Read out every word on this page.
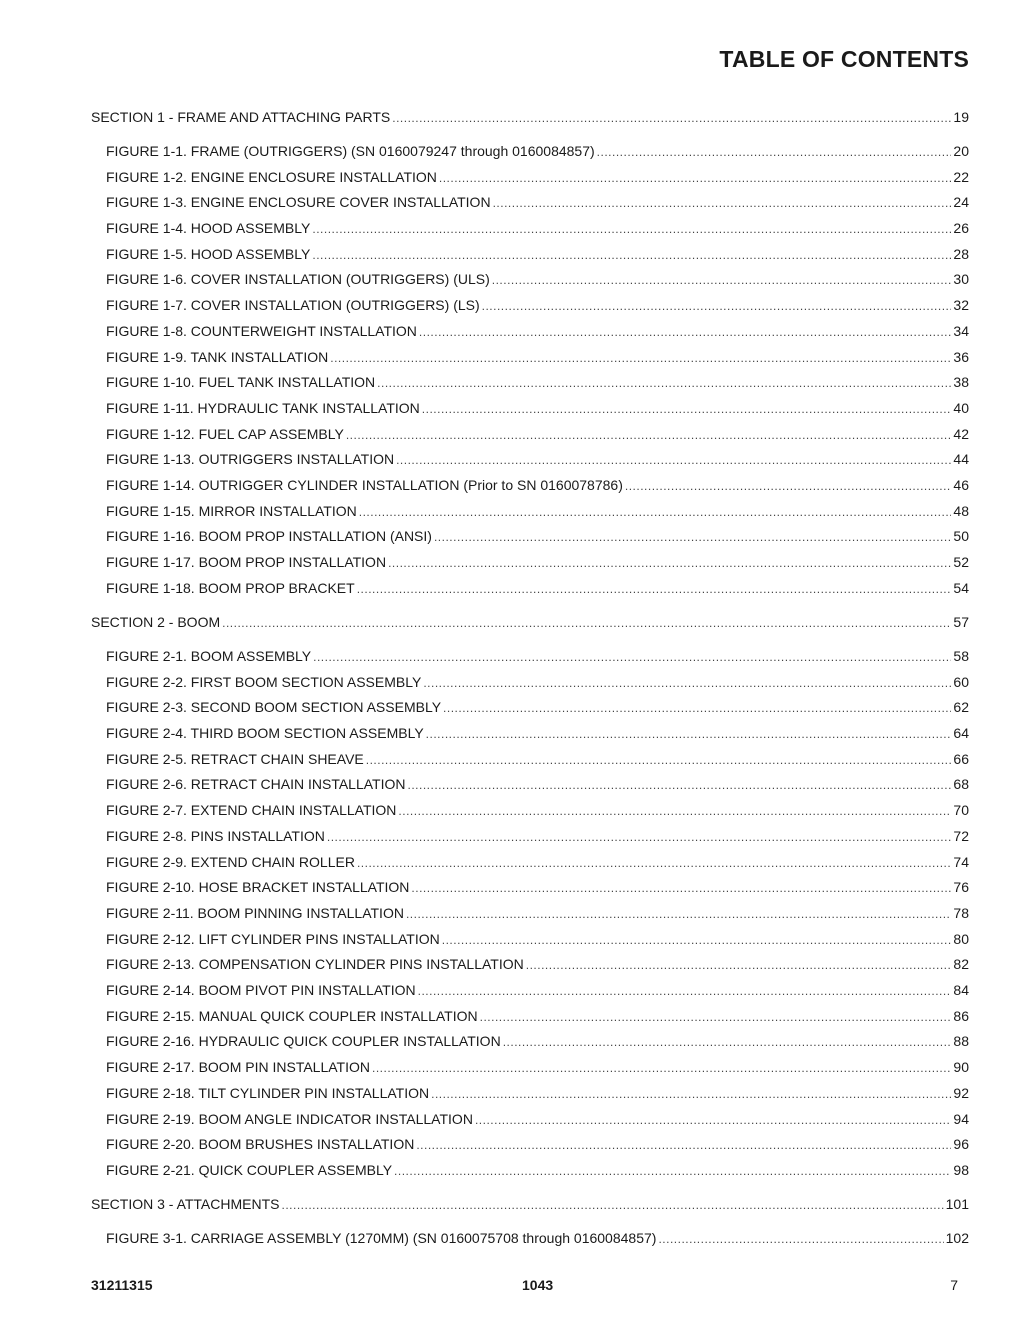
TABLE OF CONTENTS
SECTION 1 - FRAME AND ATTACHING PARTS .....	19
FIGURE 1-1. FRAME (OUTRIGGERS) (SN 0160079247 through 0160084857) .....	20
FIGURE 1-2. ENGINE ENCLOSURE INSTALLATION .....	22
FIGURE 1-3. ENGINE ENCLOSURE COVER INSTALLATION .....	24
FIGURE 1-4. HOOD ASSEMBLY .....	26
FIGURE 1-5. HOOD ASSEMBLY .....	28
FIGURE 1-6. COVER INSTALLATION (OUTRIGGERS) (ULS) .....	30
FIGURE 1-7. COVER INSTALLATION (OUTRIGGERS) (LS) .....	32
FIGURE 1-8. COUNTERWEIGHT INSTALLATION .....	34
FIGURE 1-9. TANK INSTALLATION .....	36
FIGURE 1-10. FUEL TANK INSTALLATION .....	38
FIGURE 1-11. HYDRAULIC TANK INSTALLATION .....	40
FIGURE 1-12. FUEL CAP ASSEMBLY .....	42
FIGURE 1-13. OUTRIGGERS INSTALLATION .....	44
FIGURE 1-14. OUTRIGGER CYLINDER INSTALLATION (Prior to SN 0160078786) .....	46
FIGURE 1-15. MIRROR INSTALLATION .....	48
FIGURE 1-16. BOOM PROP INSTALLATION (ANSI) .....	50
FIGURE 1-17. BOOM PROP INSTALLATION .....	52
FIGURE 1-18. BOOM PROP BRACKET .....	54
SECTION 2 - BOOM .....	57
FIGURE 2-1. BOOM ASSEMBLY .....	58
FIGURE 2-2. FIRST BOOM SECTION ASSEMBLY .....	60
FIGURE 2-3. SECOND BOOM SECTION ASSEMBLY .....	62
FIGURE 2-4. THIRD BOOM SECTION ASSEMBLY .....	64
FIGURE 2-5. RETRACT CHAIN SHEAVE .....	66
FIGURE 2-6. RETRACT CHAIN INSTALLATION .....	68
FIGURE 2-7. EXTEND CHAIN INSTALLATION .....	70
FIGURE 2-8. PINS INSTALLATION .....	72
FIGURE 2-9. EXTEND CHAIN ROLLER .....	74
FIGURE 2-10. HOSE BRACKET INSTALLATION .....	76
FIGURE 2-11. BOOM PINNING INSTALLATION .....	78
FIGURE 2-12. LIFT CYLINDER PINS INSTALLATION .....	80
FIGURE 2-13. COMPENSATION CYLINDER PINS INSTALLATION .....	82
FIGURE 2-14. BOOM PIVOT PIN INSTALLATION .....	84
FIGURE 2-15. MANUAL QUICK COUPLER INSTALLATION .....	86
FIGURE 2-16. HYDRAULIC QUICK COUPLER INSTALLATION .....	88
FIGURE 2-17. BOOM PIN INSTALLATION .....	90
FIGURE 2-18. TILT CYLINDER PIN INSTALLATION .....	92
FIGURE 2-19. BOOM ANGLE INDICATOR INSTALLATION .....	94
FIGURE 2-20. BOOM BRUSHES INSTALLATION .....	96
FIGURE 2-21. QUICK COUPLER ASSEMBLY .....	98
SECTION 3 - ATTACHMENTS .....	101
FIGURE 3-1. CARRIAGE ASSEMBLY (1270MM) (SN 0160075708 through 0160084857) .....	102
31211315	1043	7
